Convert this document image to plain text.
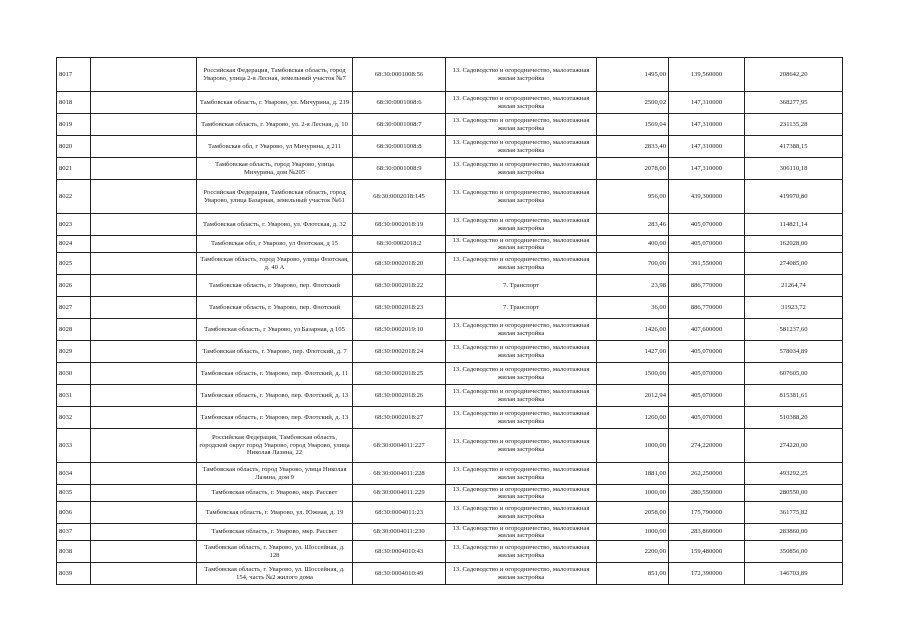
8017		Российская Федерация, Тамбовская область, город Уварово, улица 2-я Лесная, земельный участок №7	68:30:0001008:56	13. Садоводство и огородничество, малоэтажная жилая застройка	1495,00	139,560000	208642,20
8018		Тамбовская область, г. Уварово, ул. Мичурина, д. 219	68:30:0001008:6	13. Садоводство и огородничество, малоэтажная жилая застройка	2500,02	147,310000	368277,95
8019		Тамбовская область, г. Уварово, ул. 2-я Лесная, д. 10	68:30:0001008:7	13. Садоводство и огородничество, малоэтажная жилая застройка	1569,04	147,310000	231135,28
8020		Тамбовская обл, г Уварово, ул Мичурина, д 211	68:30:0001008:8	13. Садоводство и огородничество, малоэтажная жилая застройка	2833,40	147,310000	417388,15
8021		Тамбовская область, город Уварово, улица Мичурина, дом №205	68:30:0001008:9	13. Садоводство и огородничество, малоэтажная жилая застройка	2078,00	147,310000	306110,18
8022		Российская Федерация, Тамбовская область, город Уварово, улица Базарная, земельный участок №61	68:30:0002018:145	13. Садоводство и огородничество, малоэтажная жилая застройка	956,00	439,300000	419970,80
8023		Тамбовская область, г. Уварово, ул. Флотская, д. 32	68:30:0002018:19	13. Садоводство и огородничество, малоэтажная жилая застройка	283,46	405,070000	114821,14
8024		Тамбовская обл, г Уварово, ул Флотская, д 15	68:30:0002018:2	13. Садоводство и огородничество, малоэтажная жилая застройка	400,00	405,070000	162028,00
8025		Тамбовская область, город Уварово, улица Флотская, д. 40 А	68:30:0002018:20	13. Садоводство и огородничество, малоэтажная жилая застройка	700,00	391,550000	274085,00
8026		Тамбовская область, г. Уварово, пер. Флотский	68:30:0002018:22	7. Транспорт	23,98	886,770000	21264,74
8027		Тамбовская область, г. Уварово, пер. Флотский	68:30:0002018:23	7. Транспорт	36,00	886,770000	31923,72
8028		Тамбовская область, г Уварово, ул Базарная, д 105	68:30:0002019:10	13. Садоводство и огородничество, малоэтажная жилая застройка	1426,00	407,600000	581237,60
8029		Тамбовская область, г. Уварово, пер. Флотский, д. 7	68:30:0002018:24	13. Садоводство и огородничество, малоэтажная жилая застройка	1427,00	405,070000	578034,89
8030		Тамбовская область, г. Уварово, пер. Флотский, д. 11	68:30:0002018:25	13. Садоводство и огородничество, малоэтажная жилая застройка	1500,00	405,070000	607605,00
8031		Тамбовская область, г. Уварово, пер. Флотский, д. 13	68:30:0002018:26	13. Садоводство и огородничество, малоэтажная жилая застройка	2012,94	405,070000	815381,61
8032		Тамбовская область, г. Уварово, пер. Флотский, д. 13	68:30:0002018:27	13. Садоводство и огородничество, малоэтажная жилая застройка	1260,00	405,070000	510388,20
8033		Российская Федерация, Тамбовская область, городской округ город Уварово, город Уварово, улица Николая Лазина, 22	68:30:0004011:227	13. Садоводство и огородничество, малоэтажная жилая застройка	1000,00	274,220000	274220,00
8034		Тамбовская область, город Уварово, улица Николая Лазина, дом 9	68:30:0004011:228	13. Садоводство и огородничество, малоэтажная жилая застройка	1881,00	262,250000	493292,25
8035		Тамбовская область, г. Уварово, мкр. Рассвет	68:30:0004011:229	13. Садоводство и огородничество, малоэтажная жилая застройка	1000,00	280,550000	280550,00
8036		Тамбовская область, г. Уварово, ул. Южная, д. 19	68:30:0004011:23	13. Садоводство и огородничество, малоэтажная жилая застройка	2058,00	175,790000	361775,82
8037		Тамбовская область, г. Уварово, мкр. Рассвет	68:30:0004011:230	13. Садоводство и огородничество, малоэтажная жилая застройка	1000,00	283,860000	283860,00
8038		Тамбовская область, г. Уварово, ул. Шоссейная, д. 128	68:30:0004010:43	13. Садоводство и огородничество, малоэтажная жилая застройка	2200,00	159,480000	350856,00
8039		Тамбовская область, г. Уварово, ул. Шоссейная, д. 154, часть №2 жилого дома	68:30:0004010:49	13. Садоводство и огородничество, малоэтажная жилая застройка	851,00	172,390000	146703,89
